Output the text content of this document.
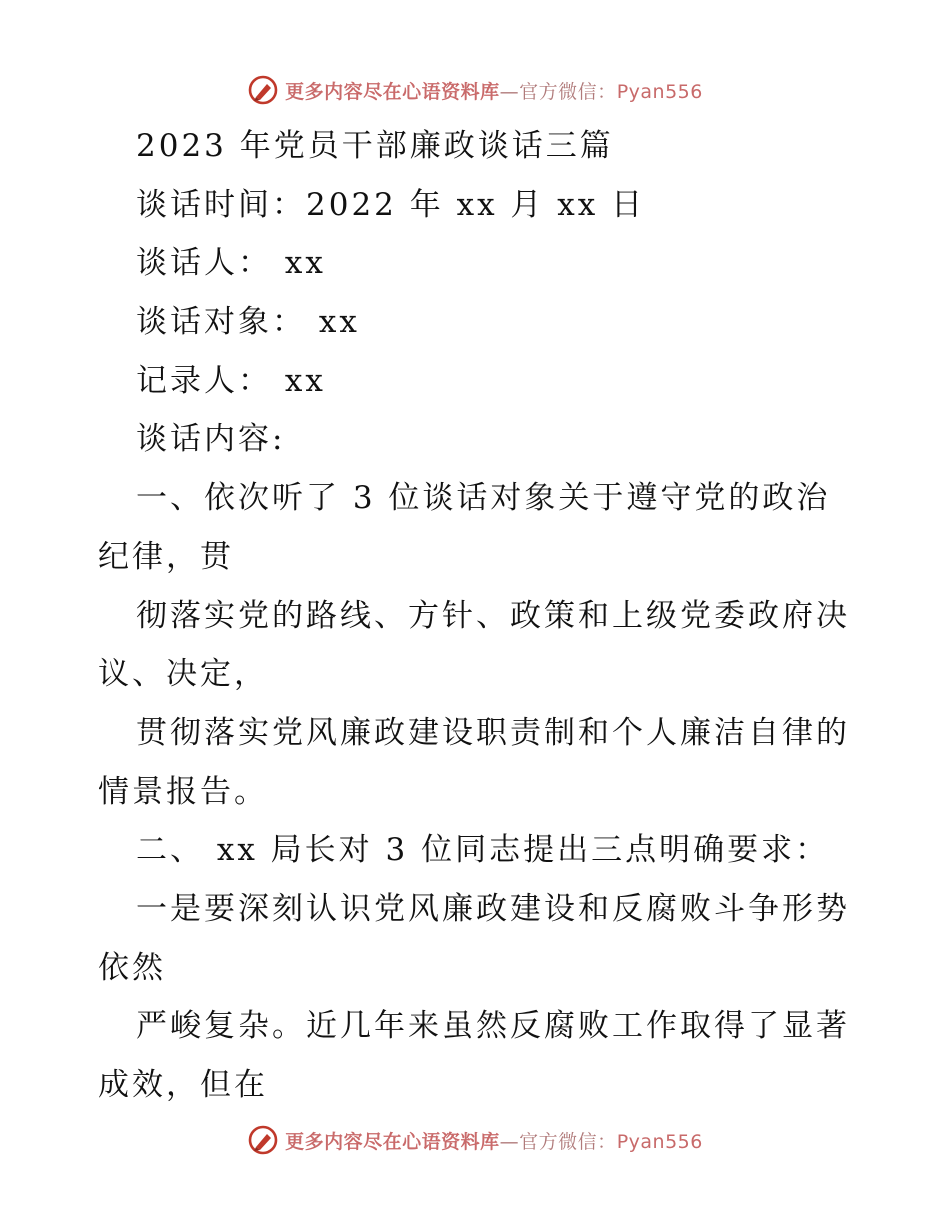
更多内容尽在心语资料库—官方微信：Pyan556
2023 年党员干部廉政谈话三篇
谈话时间：2022 年 xx 月 xx 日
谈话人： xx
谈话对象： xx
记录人： xx
谈话内容:
一、依次听了 3 位谈话对象关于遵守党的政治
纪律，贯
彻落实党的路线、方针、政策和上级党委政府决
议、决定，
贯彻落实党风廉政建设职责制和个人廉洁自律的
情景报告。
二、 xx 局长对 3 位同志提出三点明确要求：
一是要深刻认识党风廉政建设和反腐败斗争形势
依然
严峻复杂。近几年来虽然反腐败工作取得了显著
成效，但在
更多内容尽在心语资料库—官方微信：Pyan556
